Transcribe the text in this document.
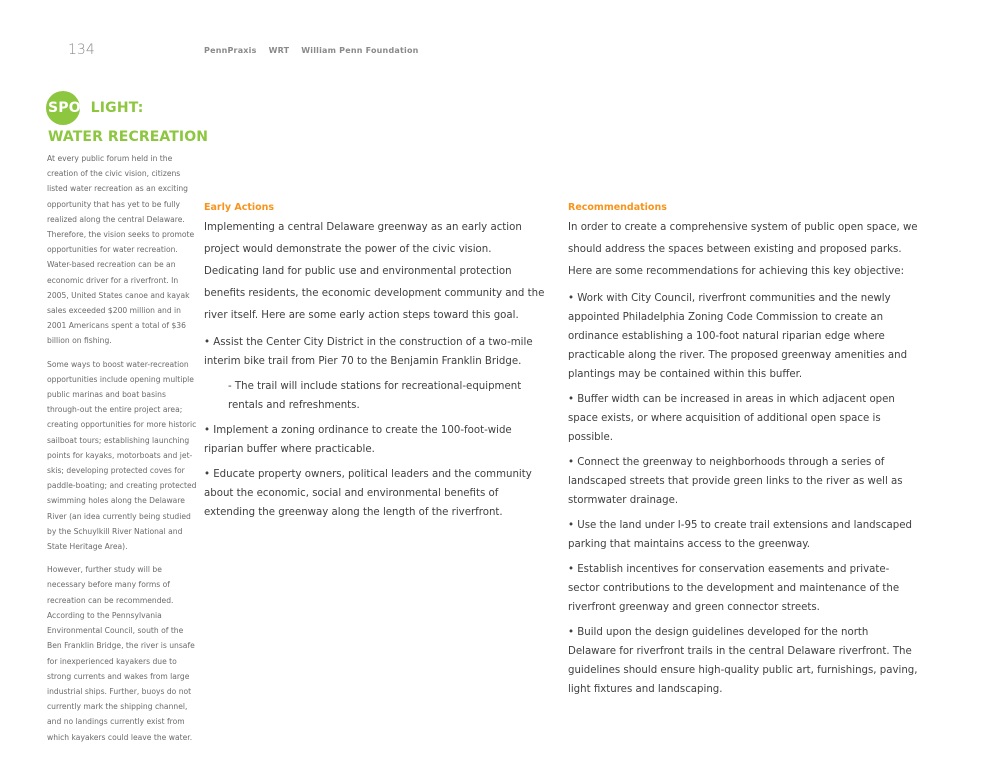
134	PennPraxis WRT William Penn Foundation
SPOTLIGHT:
WATER RECREATION

At every public forum held in the creation of the civic vision, citizens listed water recreation as an exciting opportunity that has yet to be fully realized along the central Delaware. Therefore, the vision seeks to promote opportunities for water recreation. Water-based recreation can be an economic driver for a riverfront. In 2005, United States canoe and kayak sales exceeded $200 million and in 2001 Americans spent a total of $36 billion on fishing.

Some ways to boost water-recreation opportunities include opening multiple public marinas and boat basins through-out the entire project area; creating opportunities for more historic sailboat tours; establishing launching points for kayaks, motorboats and jet-skis; developing protected coves for paddle-boating; and creating protected swimming holes along the Delaware River (an idea currently being studied by the Schuylkill River National and State Heritage Area).

However, further study will be necessary before many forms of recreation can be recommended. According to the Pennsylvania Environmental Council, south of the Ben Franklin Bridge, the river is unsafe for inexperienced kayakers due to strong currents and wakes from large industrial ships. Further, buoys do not currently mark the shipping channel, and no landings currently exist from which kayakers could leave the water.

Early Actions

Implementing a central Delaware greenway as an early action project would demonstrate the power of the civic vision. Dedicating land for public use and environmental protection benefits residents, the economic development community and the river itself. Here are some early action steps toward this goal.

• Assist the Center City District in the construction of a two-mile interim bike trail from Pier 70 to the Benjamin Franklin Bridge.

- The trail will include stations for recreational-equipment rentals and refreshments.

• Implement a zoning ordinance to create the 100-foot-wide riparian buffer where practicable.

• Educate property owners, political leaders and the community about the economic, social and environmental benefits of extending the greenway along the length of the riverfront.

Recommendations

In order to create a comprehensive system of public open space, we should address the spaces between existing and proposed parks. Here are some recommendations for achieving this key objective:

• Work with City Council, riverfront communities and the newly appointed Philadelphia Zoning Code Commission to create an ordinance establishing a 100-foot natural riparian edge where practicable along the river. The proposed greenway amenities and plantings may be contained within this buffer.

• Buffer width can be increased in areas in which adjacent open space exists, or where acquisition of additional open space is possible.

• Connect the greenway to neighborhoods through a series of landscaped streets that provide green links to the river as well as stormwater drainage.

• Use the land under I-95 to create trail extensions and landscaped parking that maintains access to the greenway.

• Establish incentives for conservation easements and private-sector contributions to the development and maintenance of the riverfront greenway and green connector streets.

• Build upon the design guidelines developed for the north Delaware for riverfront trails in the central Delaware riverfront. The guidelines should ensure high-quality public art, furnishings, paving, light fixtures and landscaping.
